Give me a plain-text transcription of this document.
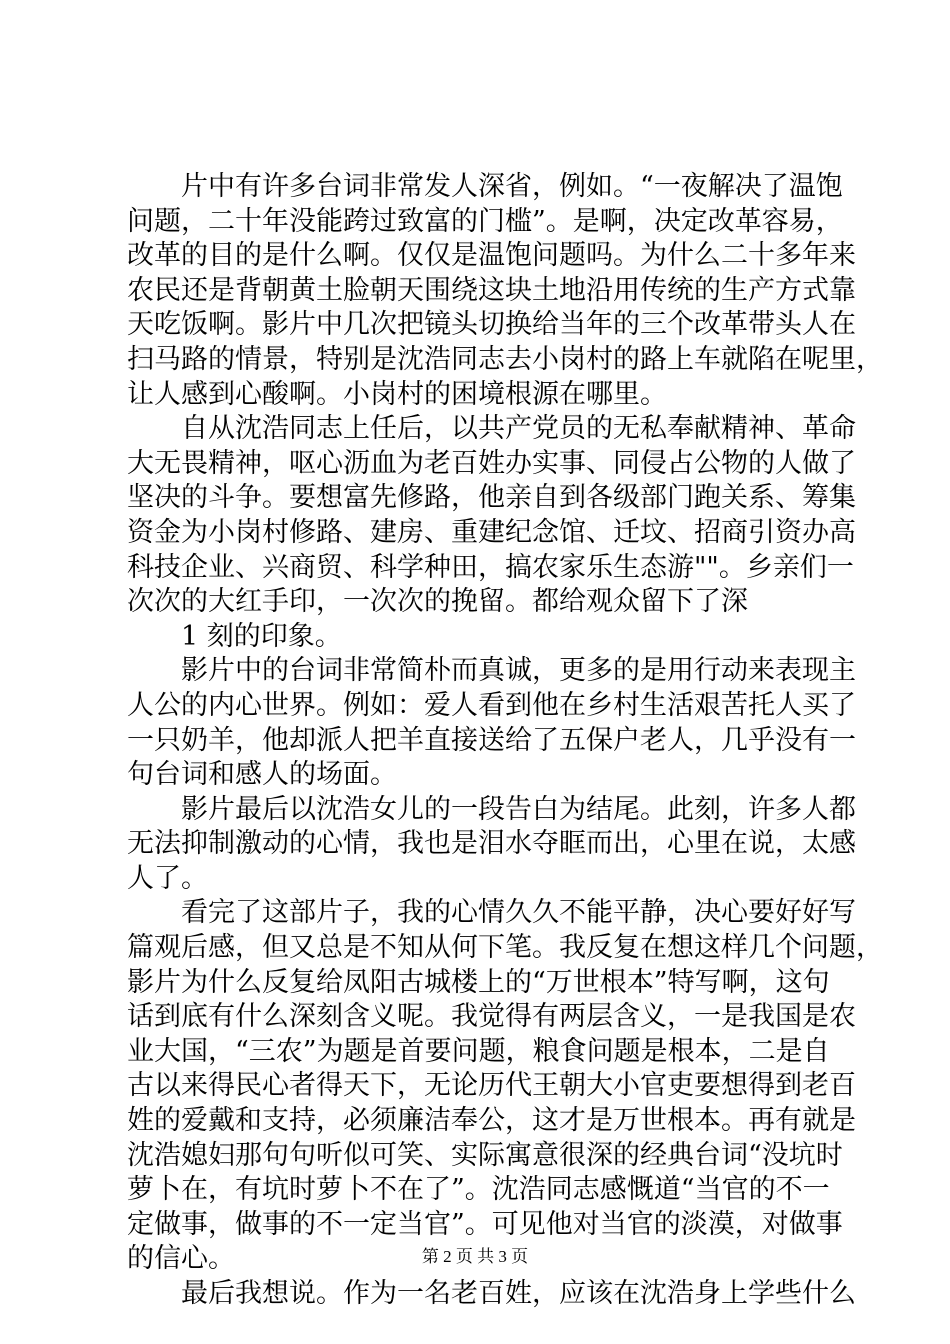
片中有许多台词非常发人深省，例如。“一夜解决了温饱
问题，二十年没能跨过致富的门槛”。是啊，决定改革容易，
改革的目的是什么啊。仅仅是温饱问题吗。为什么二十多年来
农民还是背朝黄土脸朝天围绕这块土地沿用传统的生产方式靠
天吃饭啊。影片中几次把镜头切换给当年的三个改革带头人在
扫马路的情景，特别是沈浩同志去小岗村的路上车就陷在呢里，
让人感到心酸啊。小岗村的困境根源在哪里。
自从沈浩同志上任后，以共产党员的无私奉献精神、革命
大无畏精神，呕心沥血为老百姓办实事、同侵占公物的人做了
坚决的斗争。要想富先修路，他亲自到各级部门跑关系、筹集
资金为小岗村修路、建房、重建纪念馆、迁坟、招商引资办高
科技企业、兴商贸、科学种田，搞农家乐生态游""。乡亲们一
次次的大红手印，一次次的挽留。都给观众留下了深
1 刻的印象。
影片中的台词非常简朴而真诚，更多的是用行动来表现主
人公的内心世界。例如：爱人看到他在乡村生活艰苦托人买了
一只奶羊，他却派人把羊直接送给了五保户老人，几乎没有一
句台词和感人的场面。
影片最后以沈浩女儿的一段告白为结尾。此刻，许多人都
无法抑制激动的心情，我也是泪水夺眶而出，心里在说，太感
人了。
看完了这部片子，我的心情久久不能平静，决心要好好写
篇观后感，但又总是不知从何下笔。我反复在想这样几个问题，
影片为什么反复给凤阳古城楼上的“万世根本”特写啊，这句
话到底有什么深刻含义呢。我觉得有两层含义，一是我国是农
业大国，“三农”为题是首要问题，粮食问题是根本，二是自
古以来得民心者得天下，无论历代王朝大小官吏要想得到老百
姓的爱戴和支持，必须廉洁奉公，这才是万世根本。再有就是
沈浩媳妇那句句听似可笑、实际寓意很深的经典台词“没坑时
萝卜在，有坑时萝卜不在了”。沈浩同志感慨道“当官的不一
定做事，做事的不一定当官”。可见他对当官的淡漠，对做事
的信心。
最后我想说。作为一名老百姓，应该在沈浩身上学些什么
第 2 页 共 3 页
